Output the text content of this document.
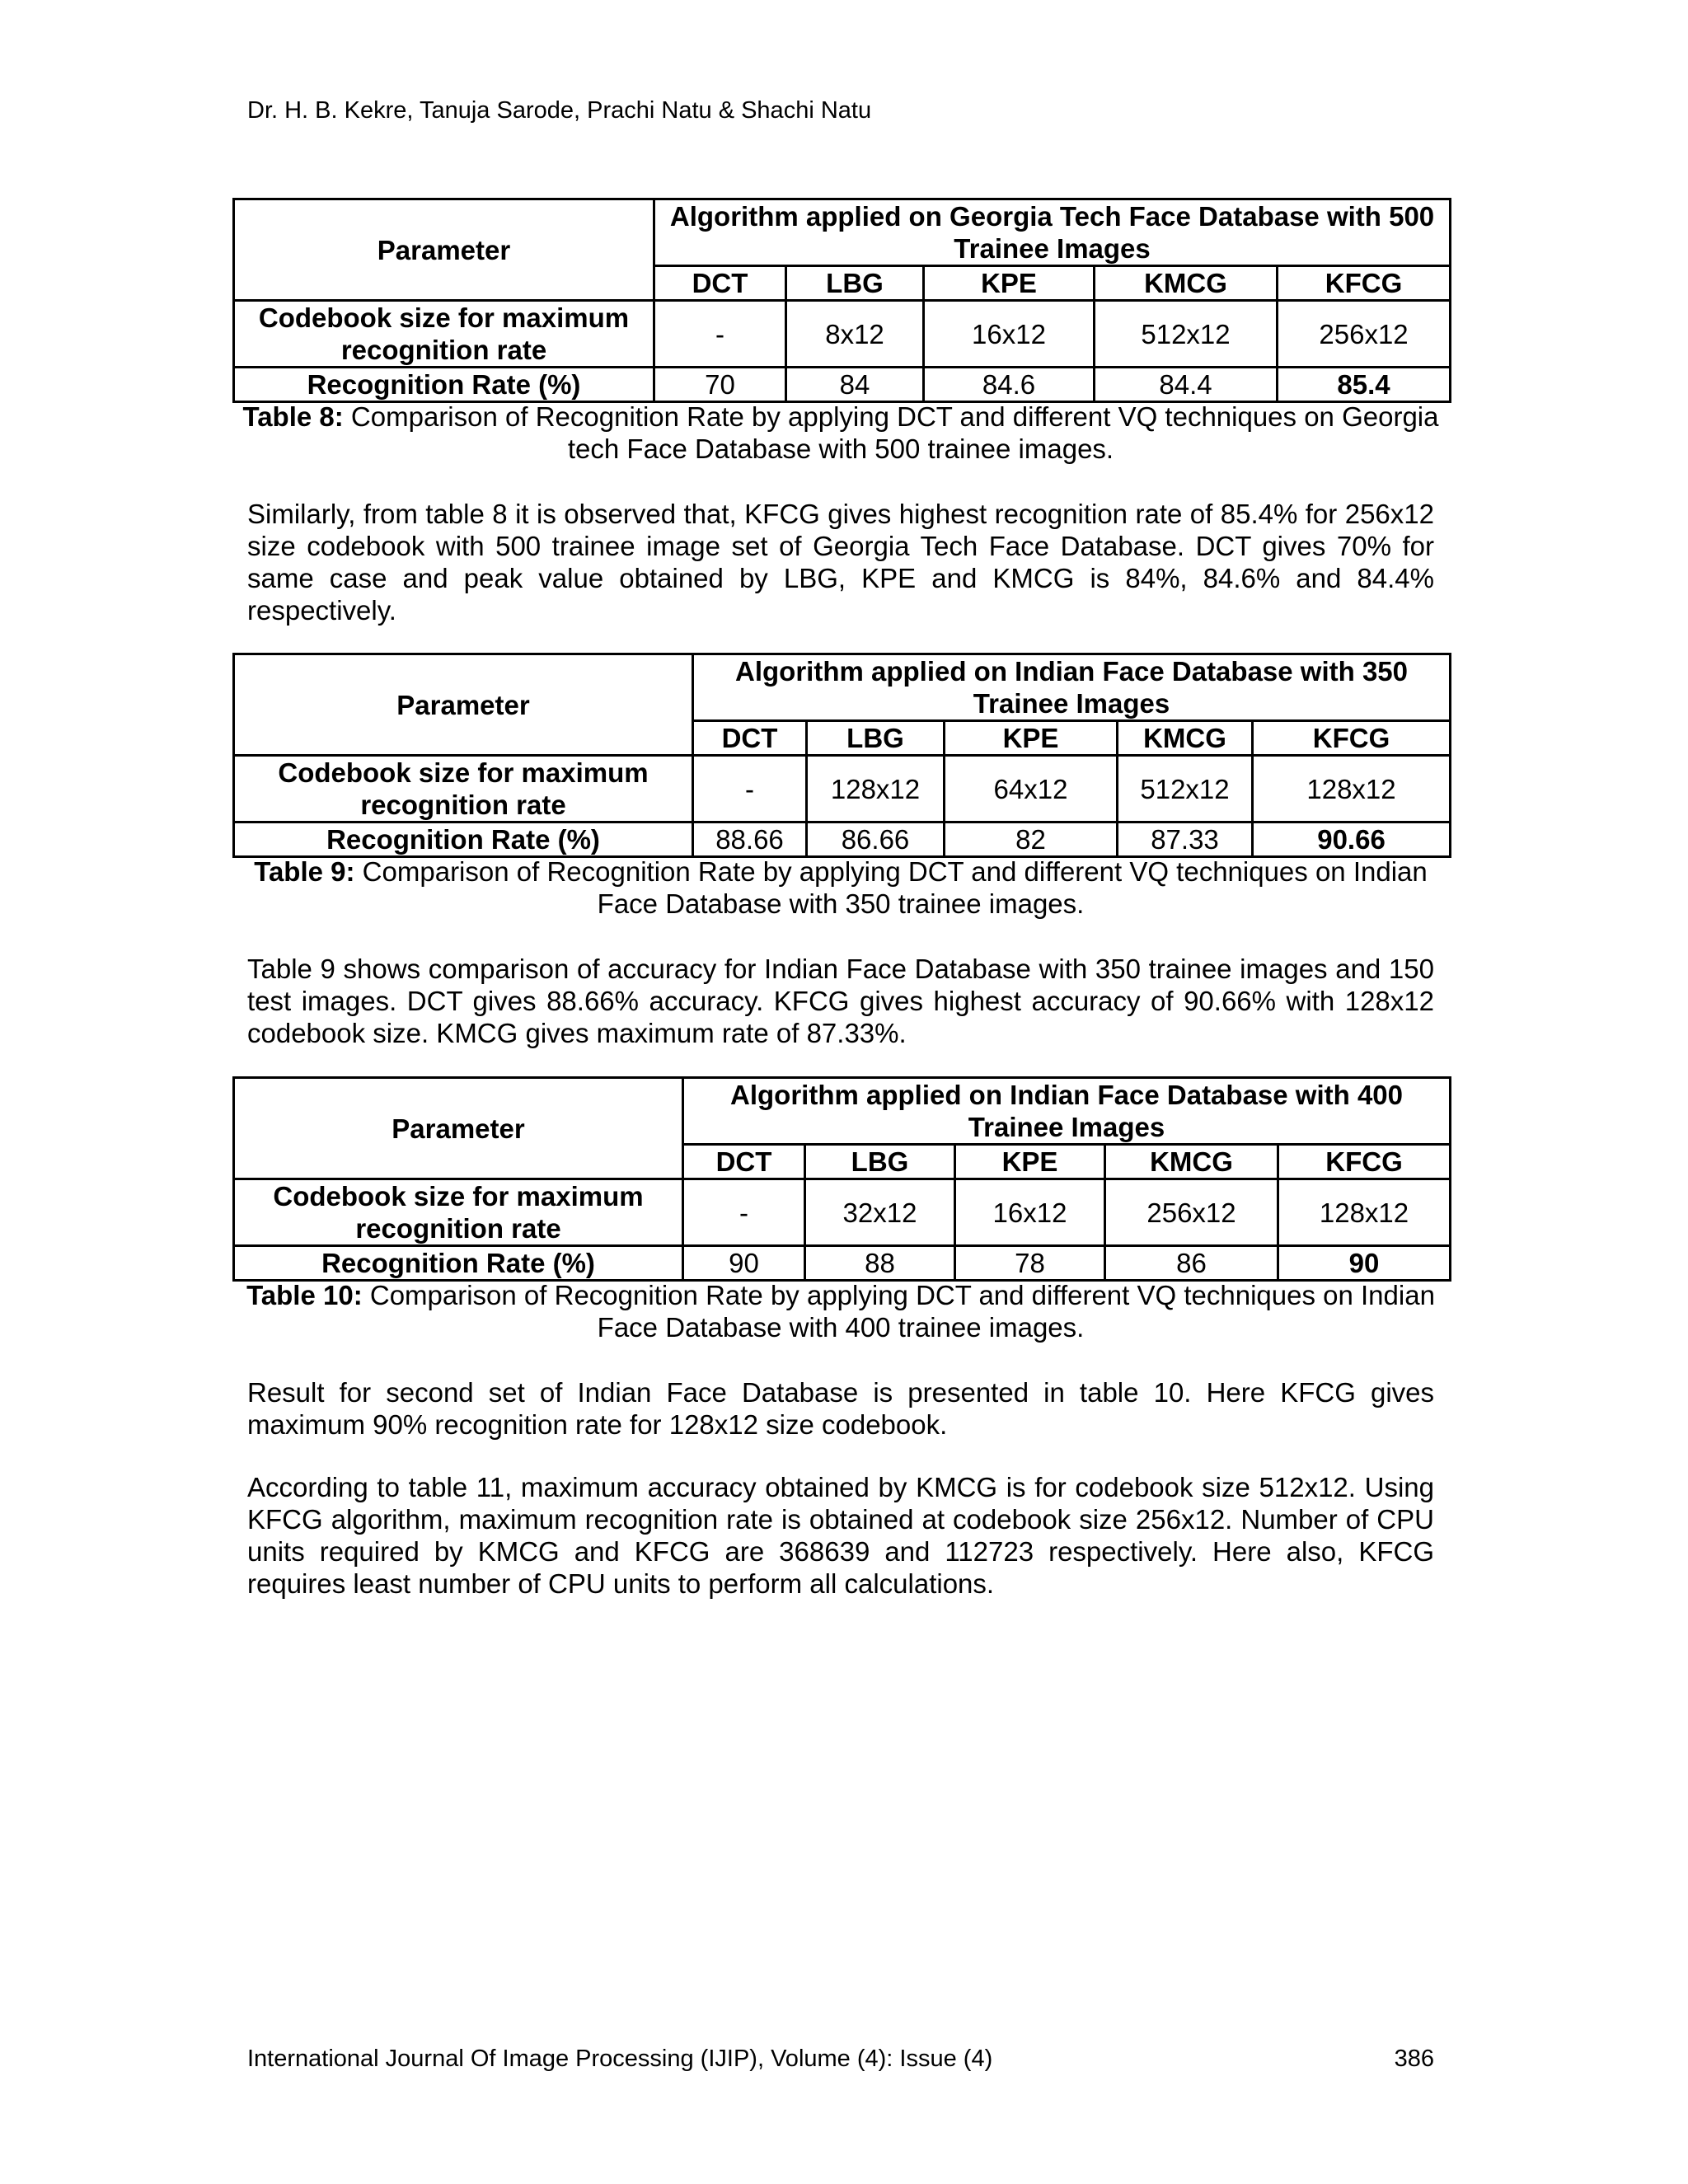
Dr. H. B. Kekre, Tanuja Sarode, Prachi Natu & Shachi Natu
Parameter	Algorithm applied on Georgia Tech Face Database with 500 Trainee Images				
	DCT	LBG	KPE	KMCG	KFCG
Codebook size for maximum recognition rate	-	8x12	16x12	512x12	256x12
Recognition Rate (%)	70	84	84.6	84.4	85.4
Table 8: Comparison of Recognition Rate by applying DCT and different VQ techniques on Georgia tech Face Database with 500 trainee images.
Similarly, from table 8 it is observed that, KFCG gives highest recognition rate of 85.4% for 256x12 size codebook with 500 trainee image set of Georgia Tech Face Database. DCT gives 70% for same case and peak value obtained by LBG, KPE and KMCG is 84%, 84.6% and 84.4% respectively.
Parameter	Algorithm applied on Indian Face Database with 350 Trainee Images				
	DCT	LBG	KPE	KMCG	KFCG
Codebook size for maximum recognition rate	-	128x12	64x12	512x12	128x12
Recognition Rate (%)	88.66	86.66	82	87.33	90.66
Table 9: Comparison of Recognition Rate by applying DCT and different VQ techniques on Indian Face Database with 350 trainee images.
Table 9 shows comparison of accuracy for Indian Face Database with 350 trainee images and 150 test images. DCT gives 88.66% accuracy. KFCG gives highest accuracy of 90.66% with 128x12 codebook size. KMCG gives maximum rate of 87.33%.
Parameter	Algorithm applied on Indian Face Database with 400 Trainee Images				
	DCT	LBG	KPE	KMCG	KFCG
Codebook size for maximum recognition rate	-	32x12	16x12	256x12	128x12
Recognition Rate (%)	90	88	78	86	90
Table 10: Comparison of Recognition Rate by applying DCT and different VQ techniques on Indian Face Database with 400 trainee images.
Result for second set of Indian Face Database is presented in table 10. Here KFCG gives maximum 90% recognition rate for 128x12 size codebook.
According to table 11, maximum accuracy obtained by KMCG is for codebook size 512x12. Using KFCG algorithm, maximum recognition rate is obtained at codebook size 256x12. Number of CPU units required by KMCG and KFCG are 368639 and 112723 respectively. Here also, KFCG requires least number of CPU units to perform all calculations.
International Journal Of Image Processing (IJIP), Volume (4): Issue (4)	386
